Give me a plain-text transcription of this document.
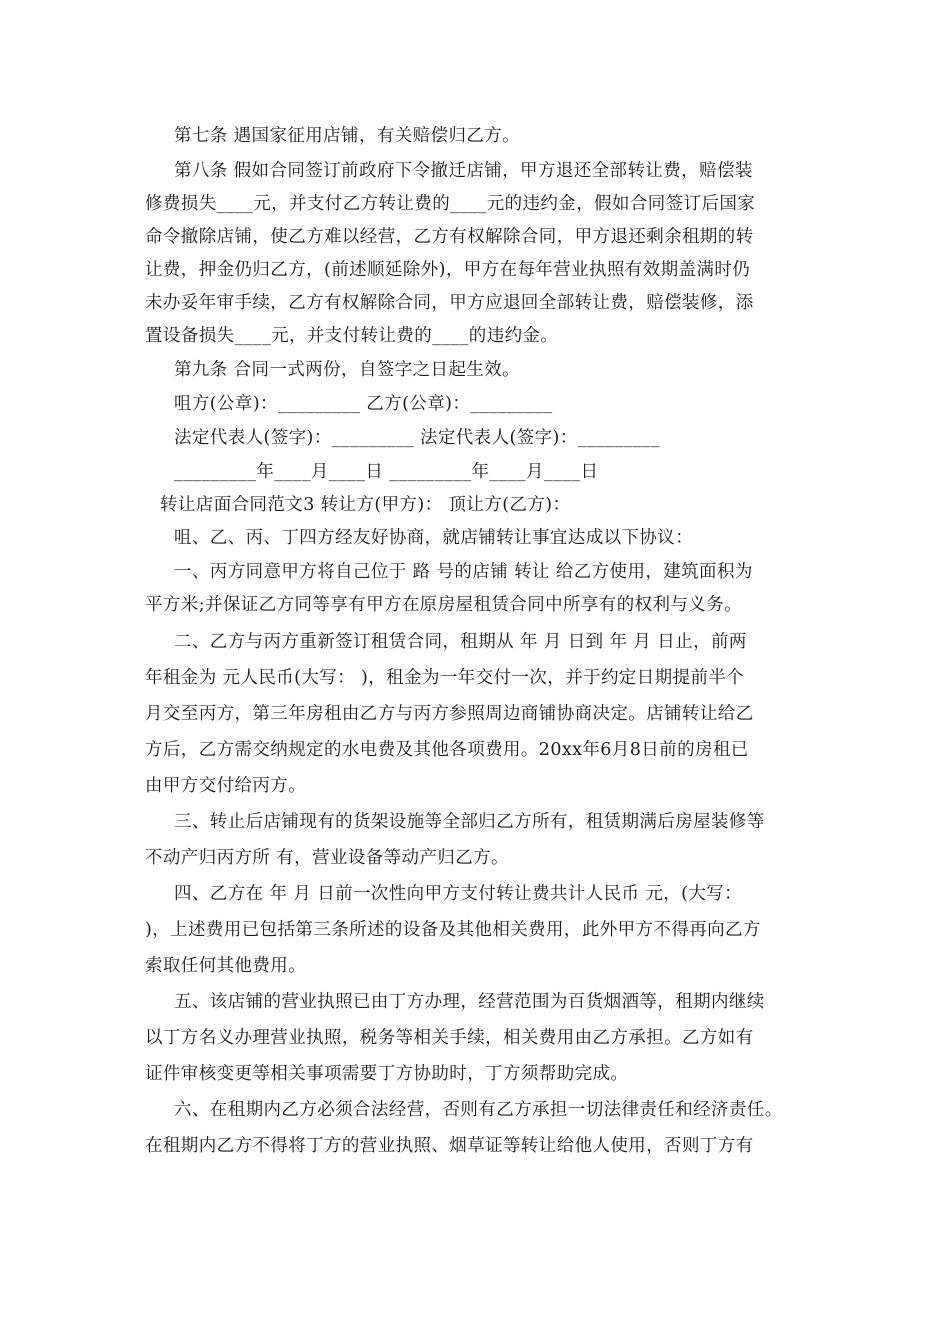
第七条 遇国家征用店铺，有关赔偿归乙方。
第八条 假如合同签订前政府下令撤迁店铺，甲方退还全部转让费，赔偿装
修费损失____元，并支付乙方转让费的____元的违约金，假如合同签订后国家
命令撤除店铺，使乙方难以经营，乙方有权解除合同，甲方退还剩余租期的转
让费，押金仍归乙方，(前述顺延除外)，甲方在每年营业执照有效期盖满时仍
未办妥年审手续，乙方有权解除合同，甲方应退回全部转让费，赔偿装修，添
置设备损失____元，并支付转让费的____的违约金。
第九条 合同一式两份，自签字之日起生效。
咀方(公章)：_________ 乙方(公章)：_________
法定代表人(签字)：_________ 法定代表人(签字)：_________
_________年____月____日 _________年____月____日
转让店面合同范文3 转让方(甲方)： 顶让方(乙方)：
咀、乙、丙、丁四方经友好协商，就店铺转让事宜达成以下协议：
一、丙方同意甲方将自己位于 路 号的店铺 转让 给乙方使用，建筑面积为
平方米;并保证乙方同等享有甲方在原房屋租赁合同中所享有的权利与义务。
二、乙方与丙方重新签订租赁合同，租期从 年 月 日到 年 月 日止，前两
年租金为 元人民币(大写： )，租金为一年交付一次，并于约定日期提前半个
月交至丙方，第三年房租由乙方与丙方参照周边商铺协商决定。店铺转让给乙
方后，乙方需交纳规定的水电费及其他各项费用。20xx年6月8日前的房租已
由甲方交付给丙方。
三、转止后店铺现有的货架设施等全部归乙方所有，租赁期满后房屋装修等
不动产归丙方所 有，营业设备等动产归乙方。
四、乙方在 年 月 日前一次性向甲方支付转让费共计人民币 元，(大写：
)，上述费用已包括第三条所述的设备及其他相关费用，此外甲方不得再向乙方
索取任何其他费用。
五、该店铺的营业执照已由丁方办理，经营范围为百货烟酒等，租期内继续
以丁方名义办理营业执照，税务等相关手续，相关费用由乙方承担。乙方如有
证件审核变更等相关事项需要丁方协助时，丁方须帮助完成。
六、在租期内乙方必须合法经营，否则有乙方承担一切法律责任和经济责任。
在租期内乙方不得将丁方的营业执照、烟草证等转让给他人使用，否则丁方有
